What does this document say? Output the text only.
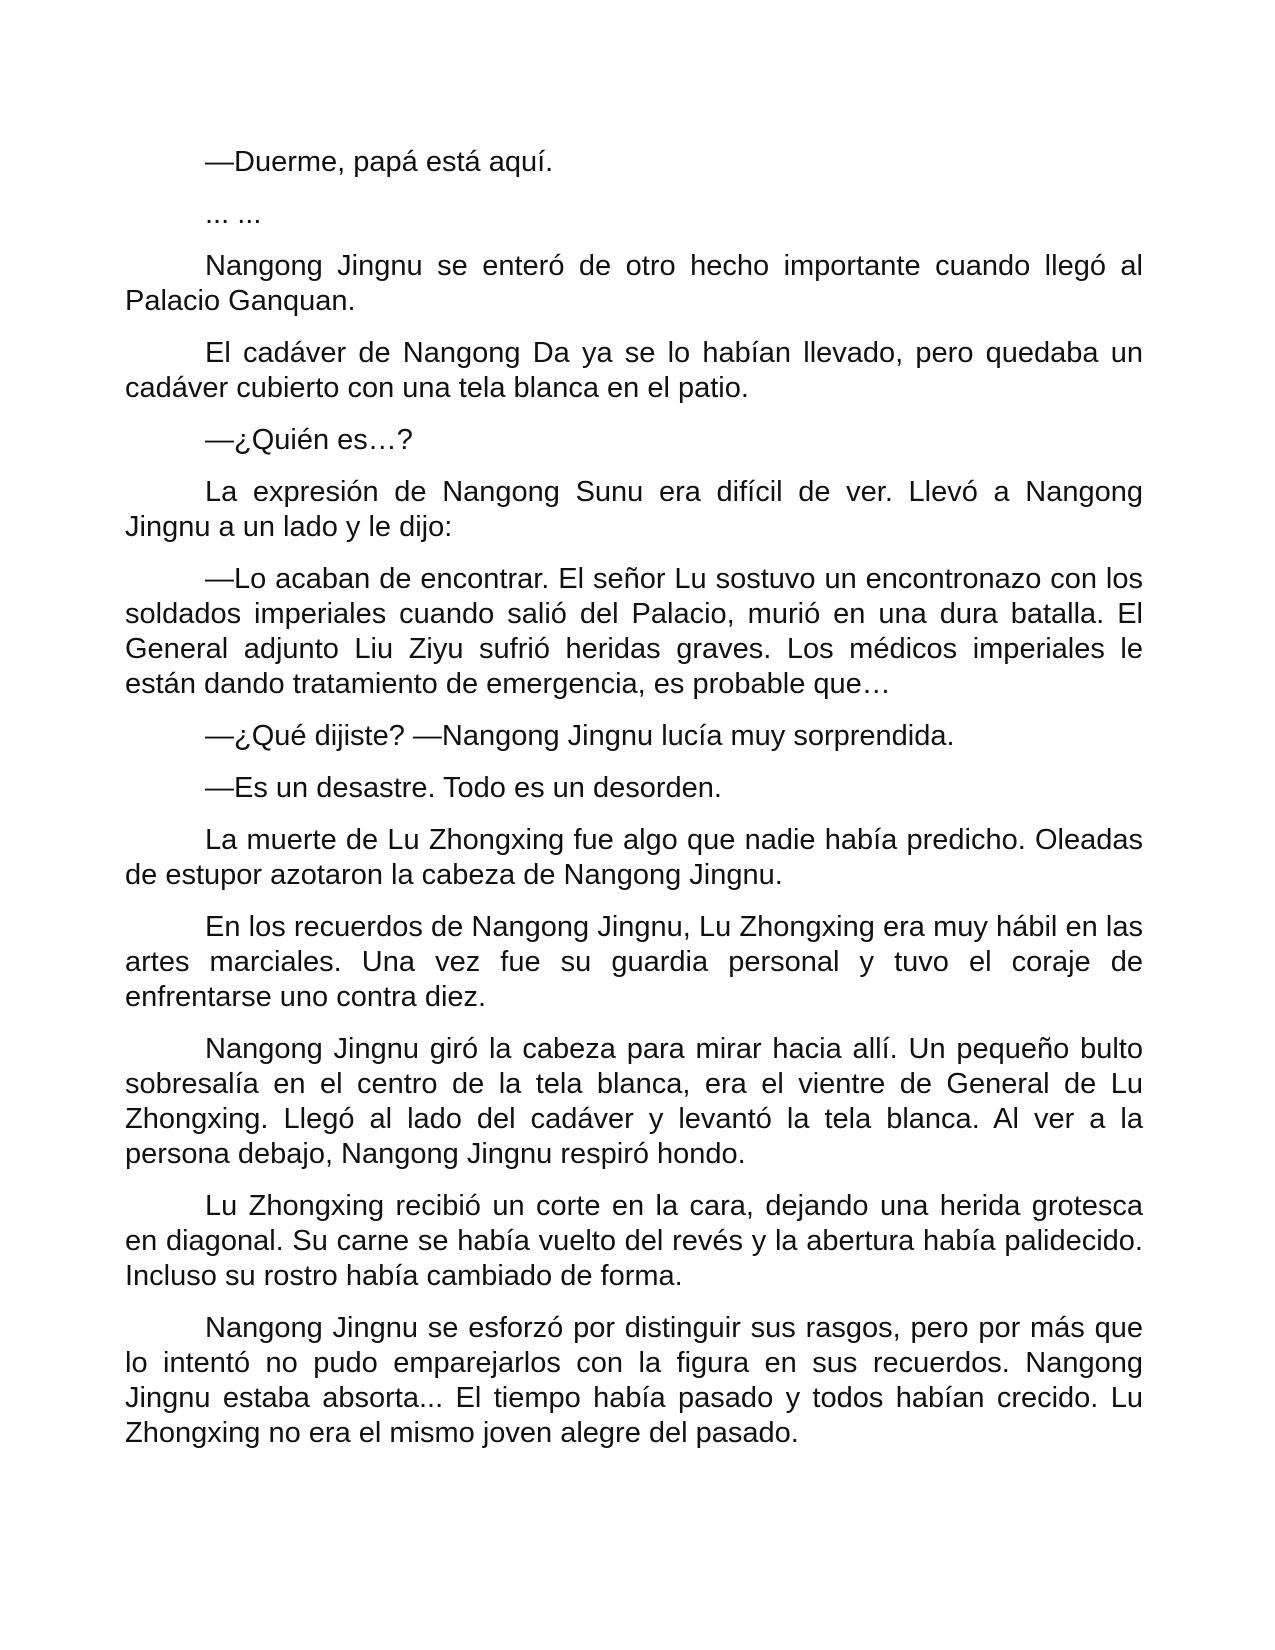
—Duerme, papá está aquí.

... ...

Nangong Jingnu se enteró de otro hecho importante cuando llegó al Palacio Ganquan.

El cadáver de Nangong Da ya se lo habían llevado, pero quedaba un cadáver cubierto con una tela blanca en el patio.

—¿Quién es…?

La expresión de Nangong Sunu era difícil de ver. Llevó a Nangong Jingnu a un lado y le dijo:

—Lo acaban de encontrar. El señor Lu sostuvo un encontronazo con los soldados imperiales cuando salió del Palacio, murió en una dura batalla. El General adjunto Liu Ziyu sufrió heridas graves. Los médicos imperiales le están dando tratamiento de emergencia, es probable que…

—¿Qué dijiste? —Nangong Jingnu lucía muy sorprendida.

—Es un desastre. Todo es un desorden.

La muerte de Lu Zhongxing fue algo que nadie había predicho. Oleadas de estupor azotaron la cabeza de Nangong Jingnu.

En los recuerdos de Nangong Jingnu, Lu Zhongxing era muy hábil en las artes marciales. Una vez fue su guardia personal y tuvo el coraje de enfrentarse uno contra diez.

Nangong Jingnu giró la cabeza para mirar hacia allí. Un pequeño bulto sobresalía en el centro de la tela blanca, era el vientre de General de Lu Zhongxing. Llegó al lado del cadáver y levantó la tela blanca. Al ver a la persona debajo, Nangong Jingnu respiró hondo.

Lu Zhongxing recibió un corte en la cara, dejando una herida grotesca en diagonal. Su carne se había vuelto del revés y la abertura había palidecido. Incluso su rostro había cambiado de forma.

Nangong Jingnu se esforzó por distinguir sus rasgos, pero por más que lo intentó no pudo emparejarlos con la figura en sus recuerdos. Nangong Jingnu estaba absorta... El tiempo había pasado y todos habían crecido. Lu Zhongxing no era el mismo joven alegre del pasado.
